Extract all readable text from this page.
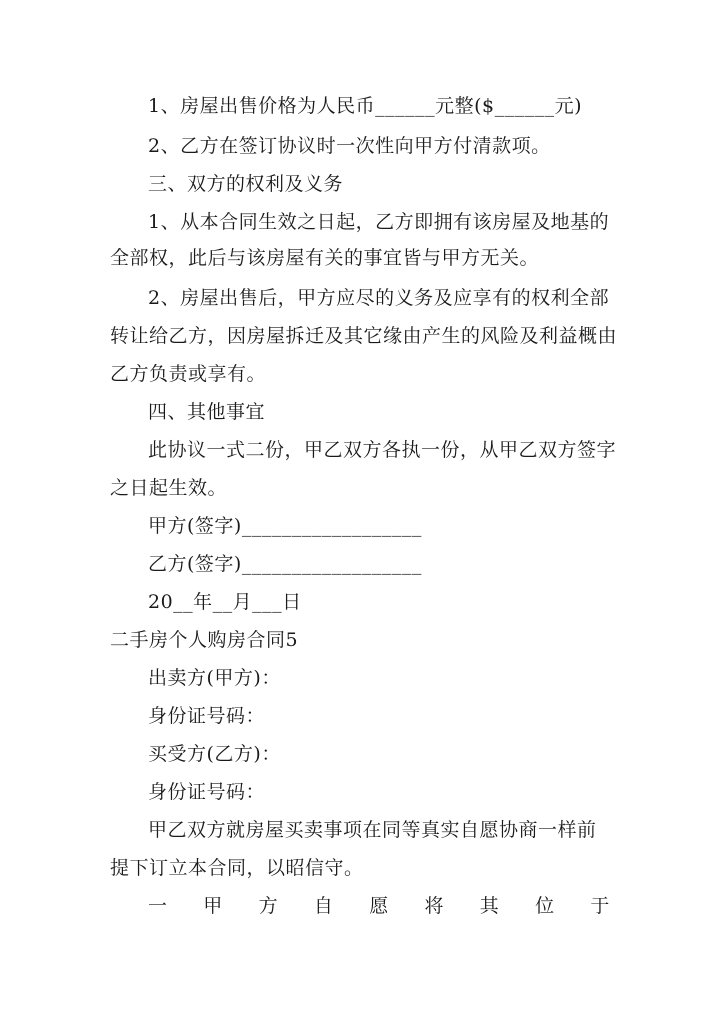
1、房屋出售价格为人民币______元整($______元)
2、乙方在签订协议时一次性向甲方付清款项。
三、双方的权利及义务
1、从本合同生效之日起，乙方即拥有该房屋及地基的
全部权，此后与该房屋有关的事宜皆与甲方无关。
2、房屋出售后，甲方应尽的义务及应享有的权利全部
转让给乙方，因房屋拆迁及其它缘由产生的风险及利益概由
乙方负责或享有。
四、其他事宜
此协议一式二份，甲乙双方各执一份，从甲乙双方签字
之日起生效。
甲方(签字)__________________
乙方(签字)__________________
20__年__月___日
二手房个人购房合同5
出卖方(甲方)：
身份证号码：
买受方(乙方)：
身份证号码：
甲乙双方就房屋买卖事项在同等真实自愿协商一样前
提下订立本合同，以昭信守。
一 甲 方 自 愿 将 其 位 于
